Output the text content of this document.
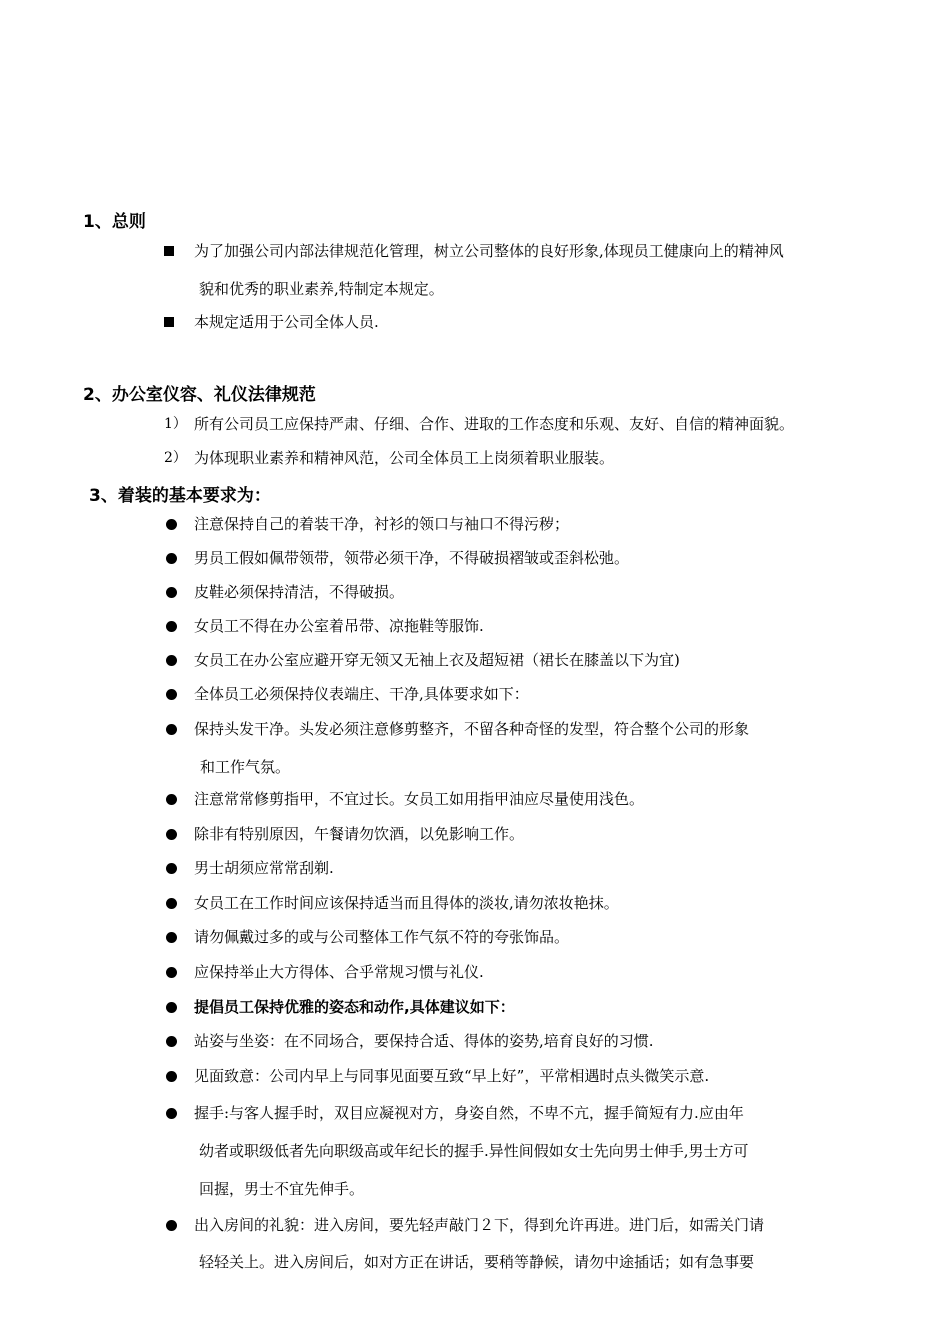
1、总则
为了加强公司内部法律规范化管理，树立公司整体的良好形象,体现员工健康向上的精神风
貌和优秀的职业素养,特制定本规定。
本规定适用于公司全体人员.
2、办公室仪容、礼仪法律规范
1） 所有公司员工应保持严肃、仔细、合作、进取的工作态度和乐观、友好、自信的精神面貌。
2） 为体现职业素养和精神风范，公司全体员工上岗须着职业服装。
3、着装的基本要求为：
注意保持自己的着装干净，衬衫的领口与袖口不得污秽；
男员工假如佩带领带，领带必须干净，不得破损褶皱或歪斜松弛。
皮鞋必须保持清洁，不得破损。
女员工不得在办公室着吊带、凉拖鞋等服饰.
女员工在办公室应避开穿无领又无袖上衣及超短裙（裙长在膝盖以下为宜)
全体员工必须保持仪表端庄、干净,具体要求如下：
保持头发干净。头发必须注意修剪整齐，不留各种奇怪的发型，符合整个公司的形象
和工作气氛。
注意常常修剪指甲，不宜过长。女员工如用指甲油应尽量使用浅色。
除非有特别原因，午餐请勿饮酒，以免影响工作。
男士胡须应常常刮剃.
女员工在工作时间应该保持适当而且得体的淡妆,请勿浓妆艳抹。
请勿佩戴过多的或与公司整体工作气氛不符的夸张饰品。
应保持举止大方得体、合乎常规习惯与礼仪.
提倡员工保持优雅的姿态和动作,具体建议如下：
站姿与坐姿：在不同场合，要保持合适、得体的姿势,培育良好的习惯.
见面致意：公司内早上与同事见面要互致“早上好”，平常相遇时点头微笑示意.
握手:与客人握手时，双目应凝视对方，身姿自然，不卑不亢，握手简短有力.应由年
幼者或职级低者先向职级高或年纪长的握手.异性间假如女士先向男士伸手,男士方可
回握，男士不宜先伸手。
出入房间的礼貌：进入房间，要先轻声敲门２下，得到允许再进。进门后，如需关门请
轻轻关上。进入房间后，如对方正在讲话，要稍等静候，请勿中途插话；如有急事要
